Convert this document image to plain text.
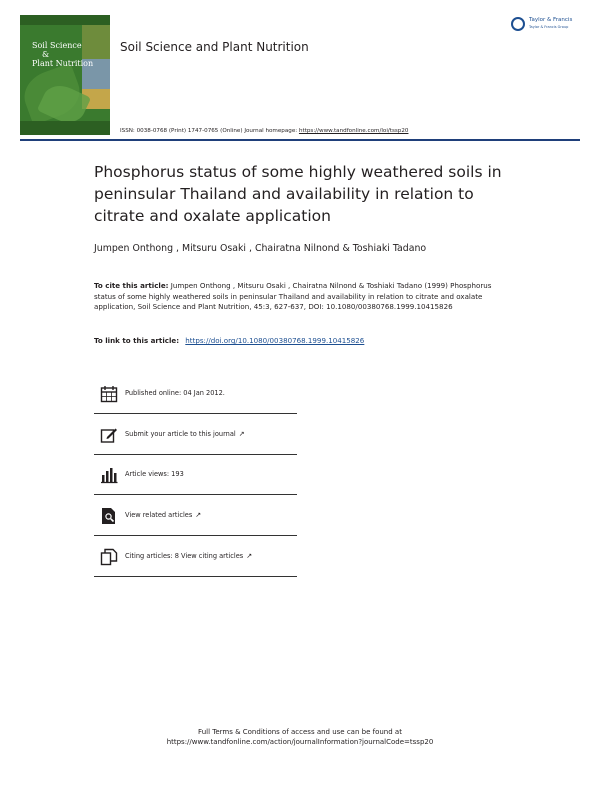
Soil Science
&
Plant Nutrition
Soil Science and Plant Nutrition
Taylor & Francis
Taylor & Francis Group
ISSN: 0038-0768 (Print) 1747-0765 (Online) Journal homepage: https://www.tandfonline.com/loi/tssp20
Phosphorus status of some highly weathered soils in peninsular Thailand and availability in relation to citrate and oxalate application
Jumpen Onthong , Mitsuru Osaki , Chairatna Nilnond & Toshiaki Tadano
To cite this article: Jumpen Onthong , Mitsuru Osaki , Chairatna Nilnond & Toshiaki Tadano (1999) Phosphorus status of some highly weathered soils in peninsular Thailand and availability in relation to citrate and oxalate application, Soil Science and Plant Nutrition, 45:3, 627-637, DOI: 10.1080/00380768.1999.10415826
To link to this article: https://doi.org/10.1080/00380768.1999.10415826
Published online: 04 Jan 2012.
Submit your article to this journal ↗
Article views: 193
View related articles ↗
Citing articles: 8 View citing articles ↗
Full Terms & Conditions of access and use can be found at
https://www.tandfonline.com/action/journalInformation?journalCode=tssp20
